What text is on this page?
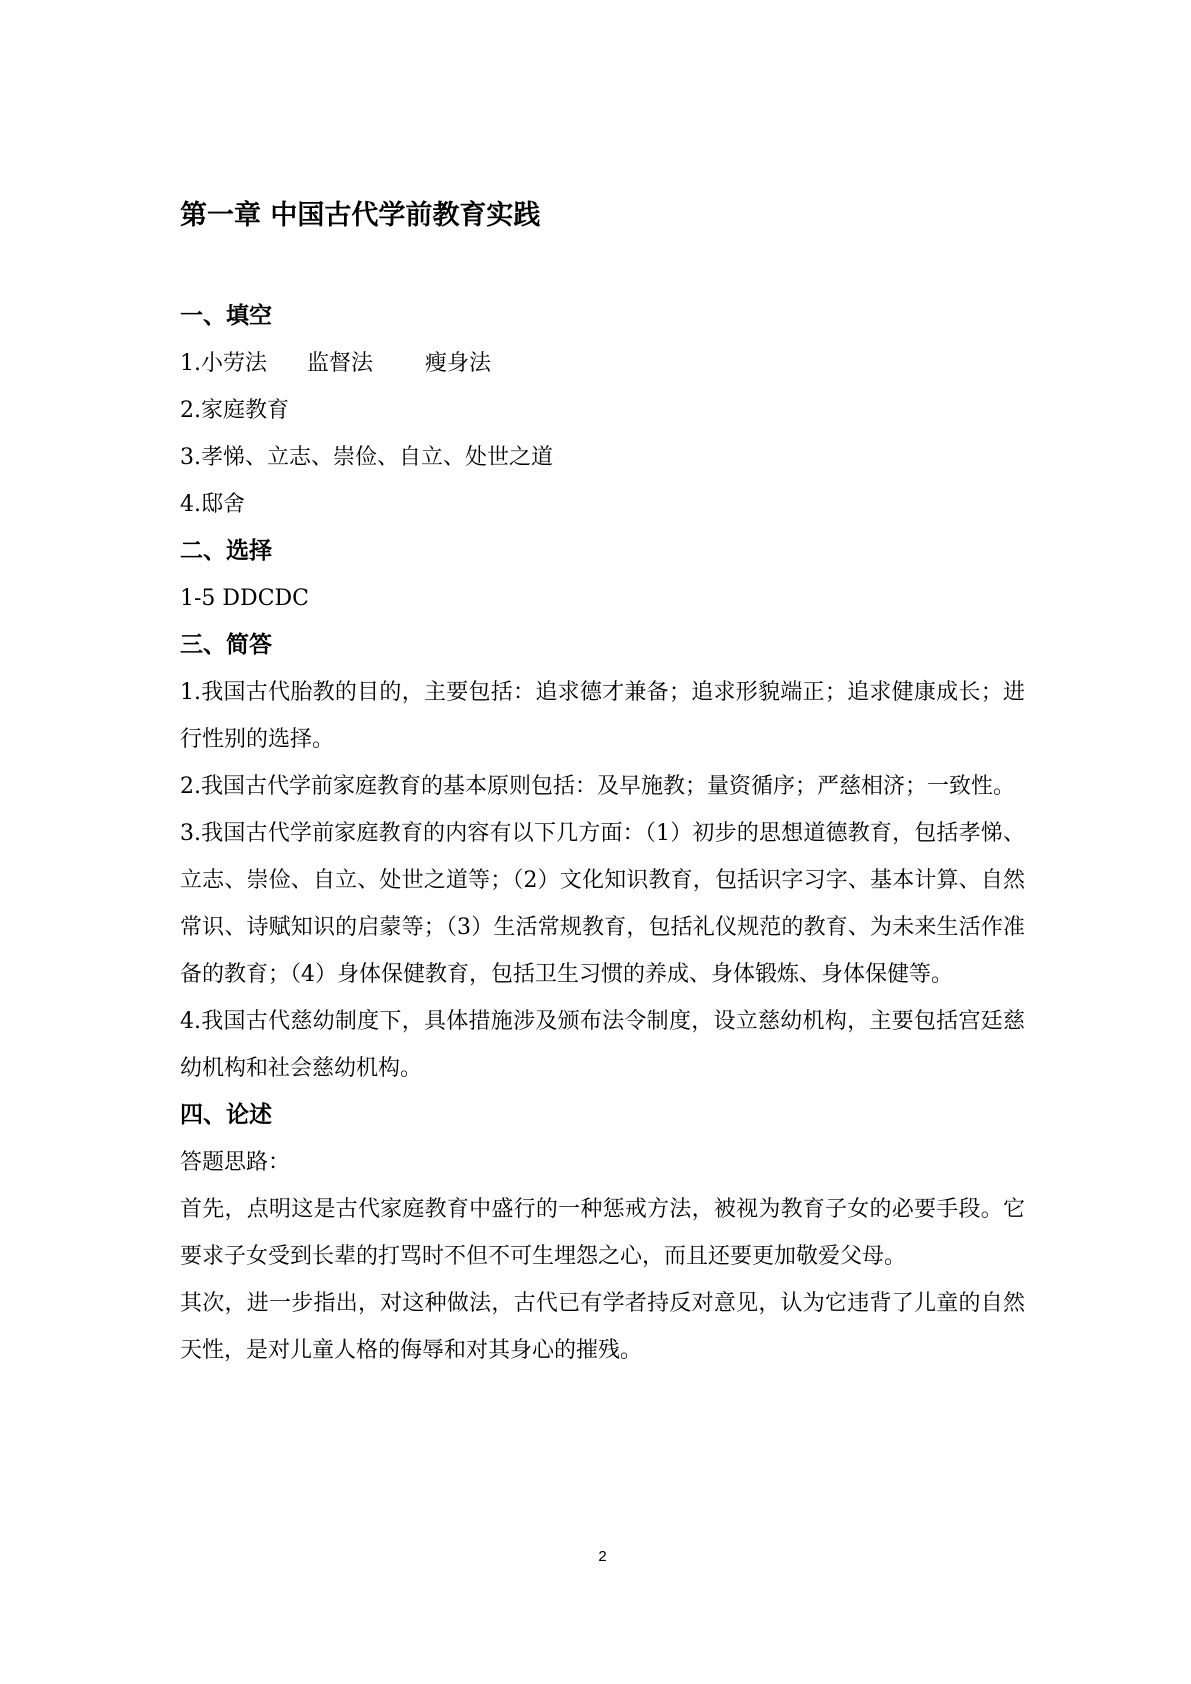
第一章 中国古代学前教育实践
一、填空

1.小劳法 监督法 瘦身法

2.家庭教育

3.孝悌、立志、崇俭、自立、处世之道

4.邸舍

二、选择

1-5 DDCDC

三、简答

1.我国古代胎教的目的，主要包括：追求德才兼备；追求形貌端正；追求健康成长；进行性别的选择。

2.我国古代学前家庭教育的基本原则包括：及早施教；量资循序；严慈相济；一致性。

3.我国古代学前家庭教育的内容有以下几方面：（1）初步的思想道德教育，包括孝悌、立志、崇俭、自立、处世之道等；（2）文化知识教育，包括识字习字、基本计算、自然常识、诗赋知识的启蒙等；（3）生活常规教育，包括礼仪规范的教育、为未来生活作准备的教育；（4）身体保健教育，包括卫生习惯的养成、身体锻炼、身体保健等。

4.我国古代慈幼制度下，具体措施涉及颁布法令制度，设立慈幼机构，主要包括宫廷慈幼机构和社会慈幼机构。

四、论述

答题思路：

首先，点明这是古代家庭教育中盛行的一种惩戒方法，被视为教育子女的必要手段。它要求子女受到长辈的打骂时不但不可生埋怨之心，而且还要更加敬爱父母。

其次，进一步指出，对这种做法，古代已有学者持反对意见，认为它违背了儿童的自然天性，是对儿童人格的侮辱和对其身心的摧残。

2
